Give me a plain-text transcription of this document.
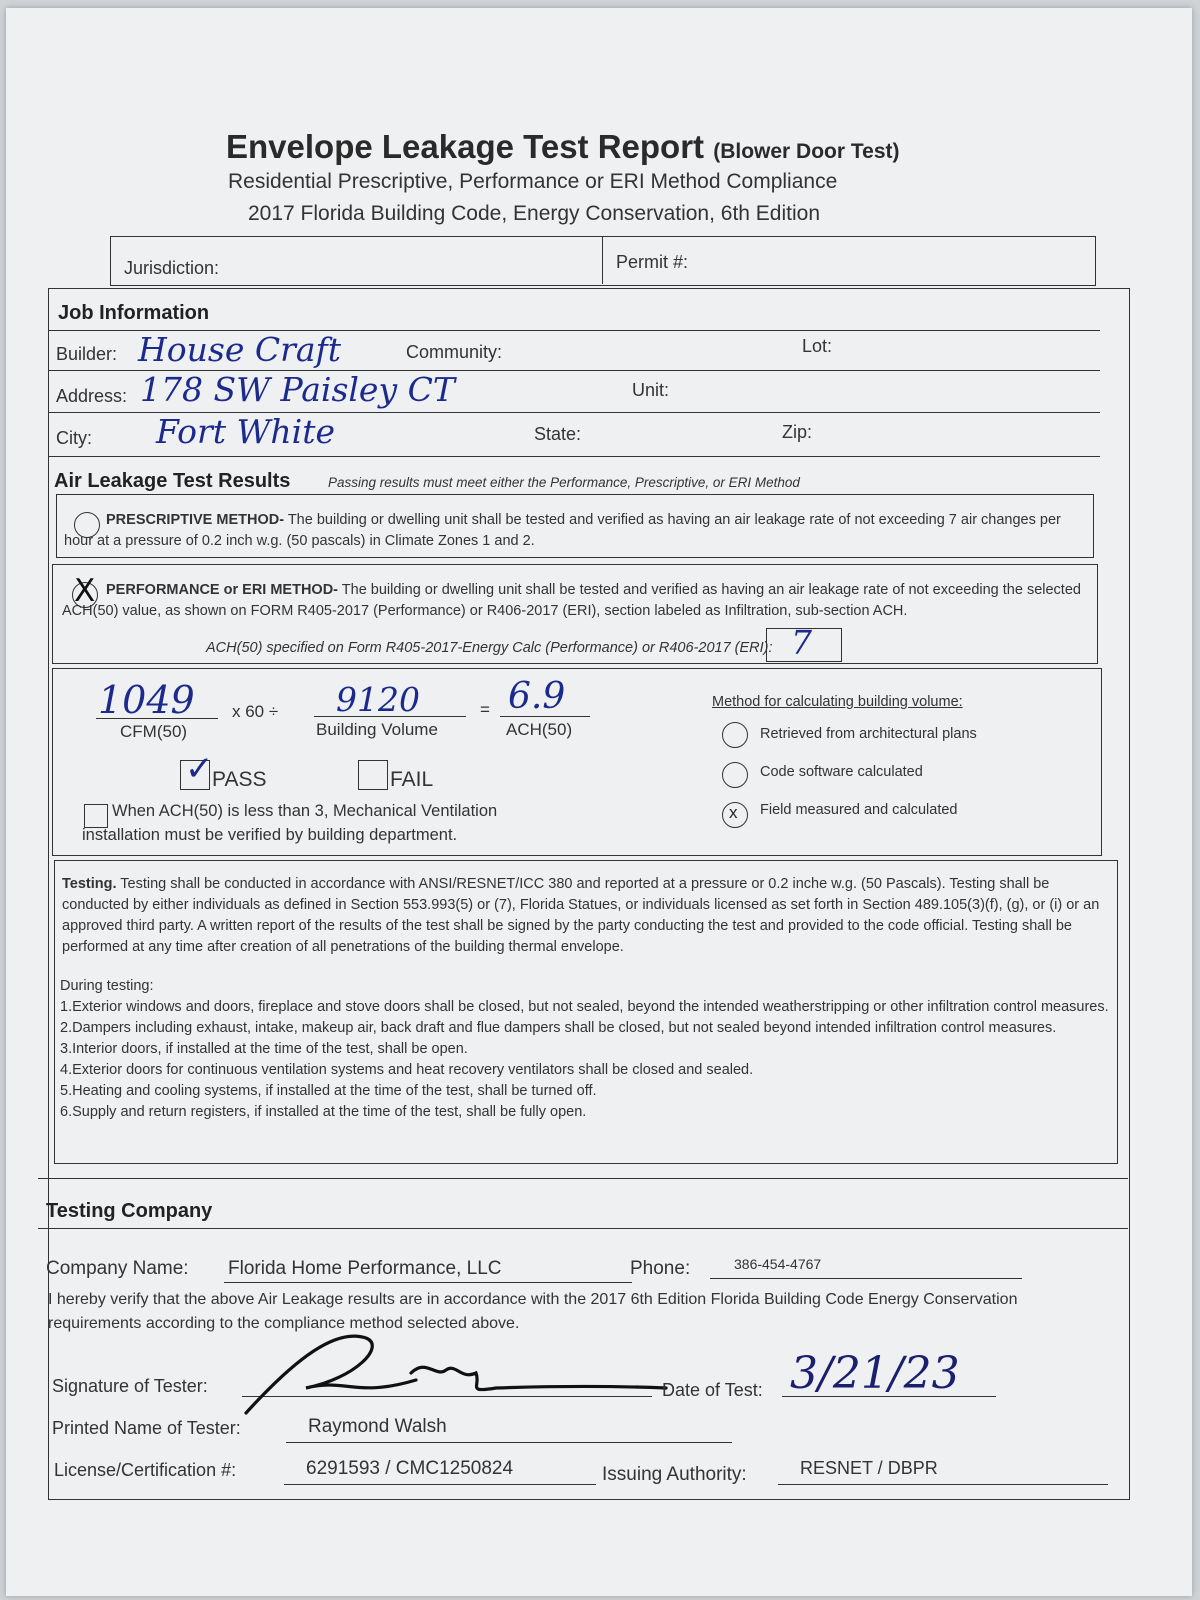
Envelope Leakage Test Report (Blower Door Test)
Residential Prescriptive, Performance or ERI Method Compliance
2017 Florida Building Code, Energy Conservation, 6th Edition
Jurisdiction:	Permit #:
Job Information
Builder: House Craft	Community:	Lot:
Address: 178 SW Paisley CT	Unit:
City: Fort White	State:	Zip:
Air Leakage Test Results	Passing results must meet either the Performance, Prescriptive, or ERI Method
PRESCRIPTIVE METHOD- The building or dwelling unit shall be tested and verified as having an air leakage rate of not exceeding 7 air changes per hour at a pressure of 0.2 inch w.g. (50 pascals) in Climate Zones 1 and 2.
X PERFORMANCE or ERI METHOD- The building or dwelling unit shall be tested and verified as having an air leakage rate of not exceeding the selected ACH(50) value, as shown on FORM R405-2017 (Performance) or R406-2017 (ERI), section labeled as Infiltration, sub-section ACH.
ACH(50) specified on Form R405-2017-Energy Calc (Performance) or R406-2017 (ERI): 7
1049
CFM(50)
x 60 ÷ 9120
Building Volume
= 6.9
ACH(50)
✓
PASS	FAIL
When ACH(50) is less than 3, Mechanical Ventilation
installation must be verified by building department.
Method for calculating building volume:
Retrieved from architectural plans
Code software calculated
x Field measured and calculated
Testing. Testing shall be conducted in accordance with ANSI/RESNET/ICC 380 and reported at a pressure or 0.2 inche w.g. (50 Pascals). Testing shall be conducted by either individuals as defined in Section 553.993(5) or (7), Florida Statues, or individuals licensed as set forth in Section 489.105(3)(f), (g), or (i) or an approved third party. A written report of the results of the test shall be signed by the party conducting the test and provided to the code official. Testing shall be performed at any time after creation of all penetrations of the building thermal envelope.
During testing:
1.Exterior windows and doors, fireplace and stove doors shall be closed, but not sealed, beyond the intended weatherstripping or other infiltration control measures.
2.Dampers including exhaust, intake, makeup air, back draft and flue dampers shall be closed, but not sealed beyond intended infiltration control measures.
3.Interior doors, if installed at the time of the test, shall be open.
4.Exterior doors for continuous ventilation systems and heat recovery ventilators shall be closed and sealed.
5.Heating and cooling systems, if installed at the time of the test, shall be turned off.
6.Supply and return registers, if installed at the time of the test, shall be fully open.
Testing Company
Company Name: Florida Home Performance, LLC	Phone:	386-454-4767
I hereby verify that the above Air Leakage results are in accordance with the 2017 6th Edition Florida Building Code Energy Conservation requirements according to the compliance method selected above.
Signature of Tester:	Date of Test: 3/21/23
Printed Name of Tester:	Raymond Walsh
License/Certification #:	6291593 / CMC1250824	Issuing Authority:	RESNET / DBPR
